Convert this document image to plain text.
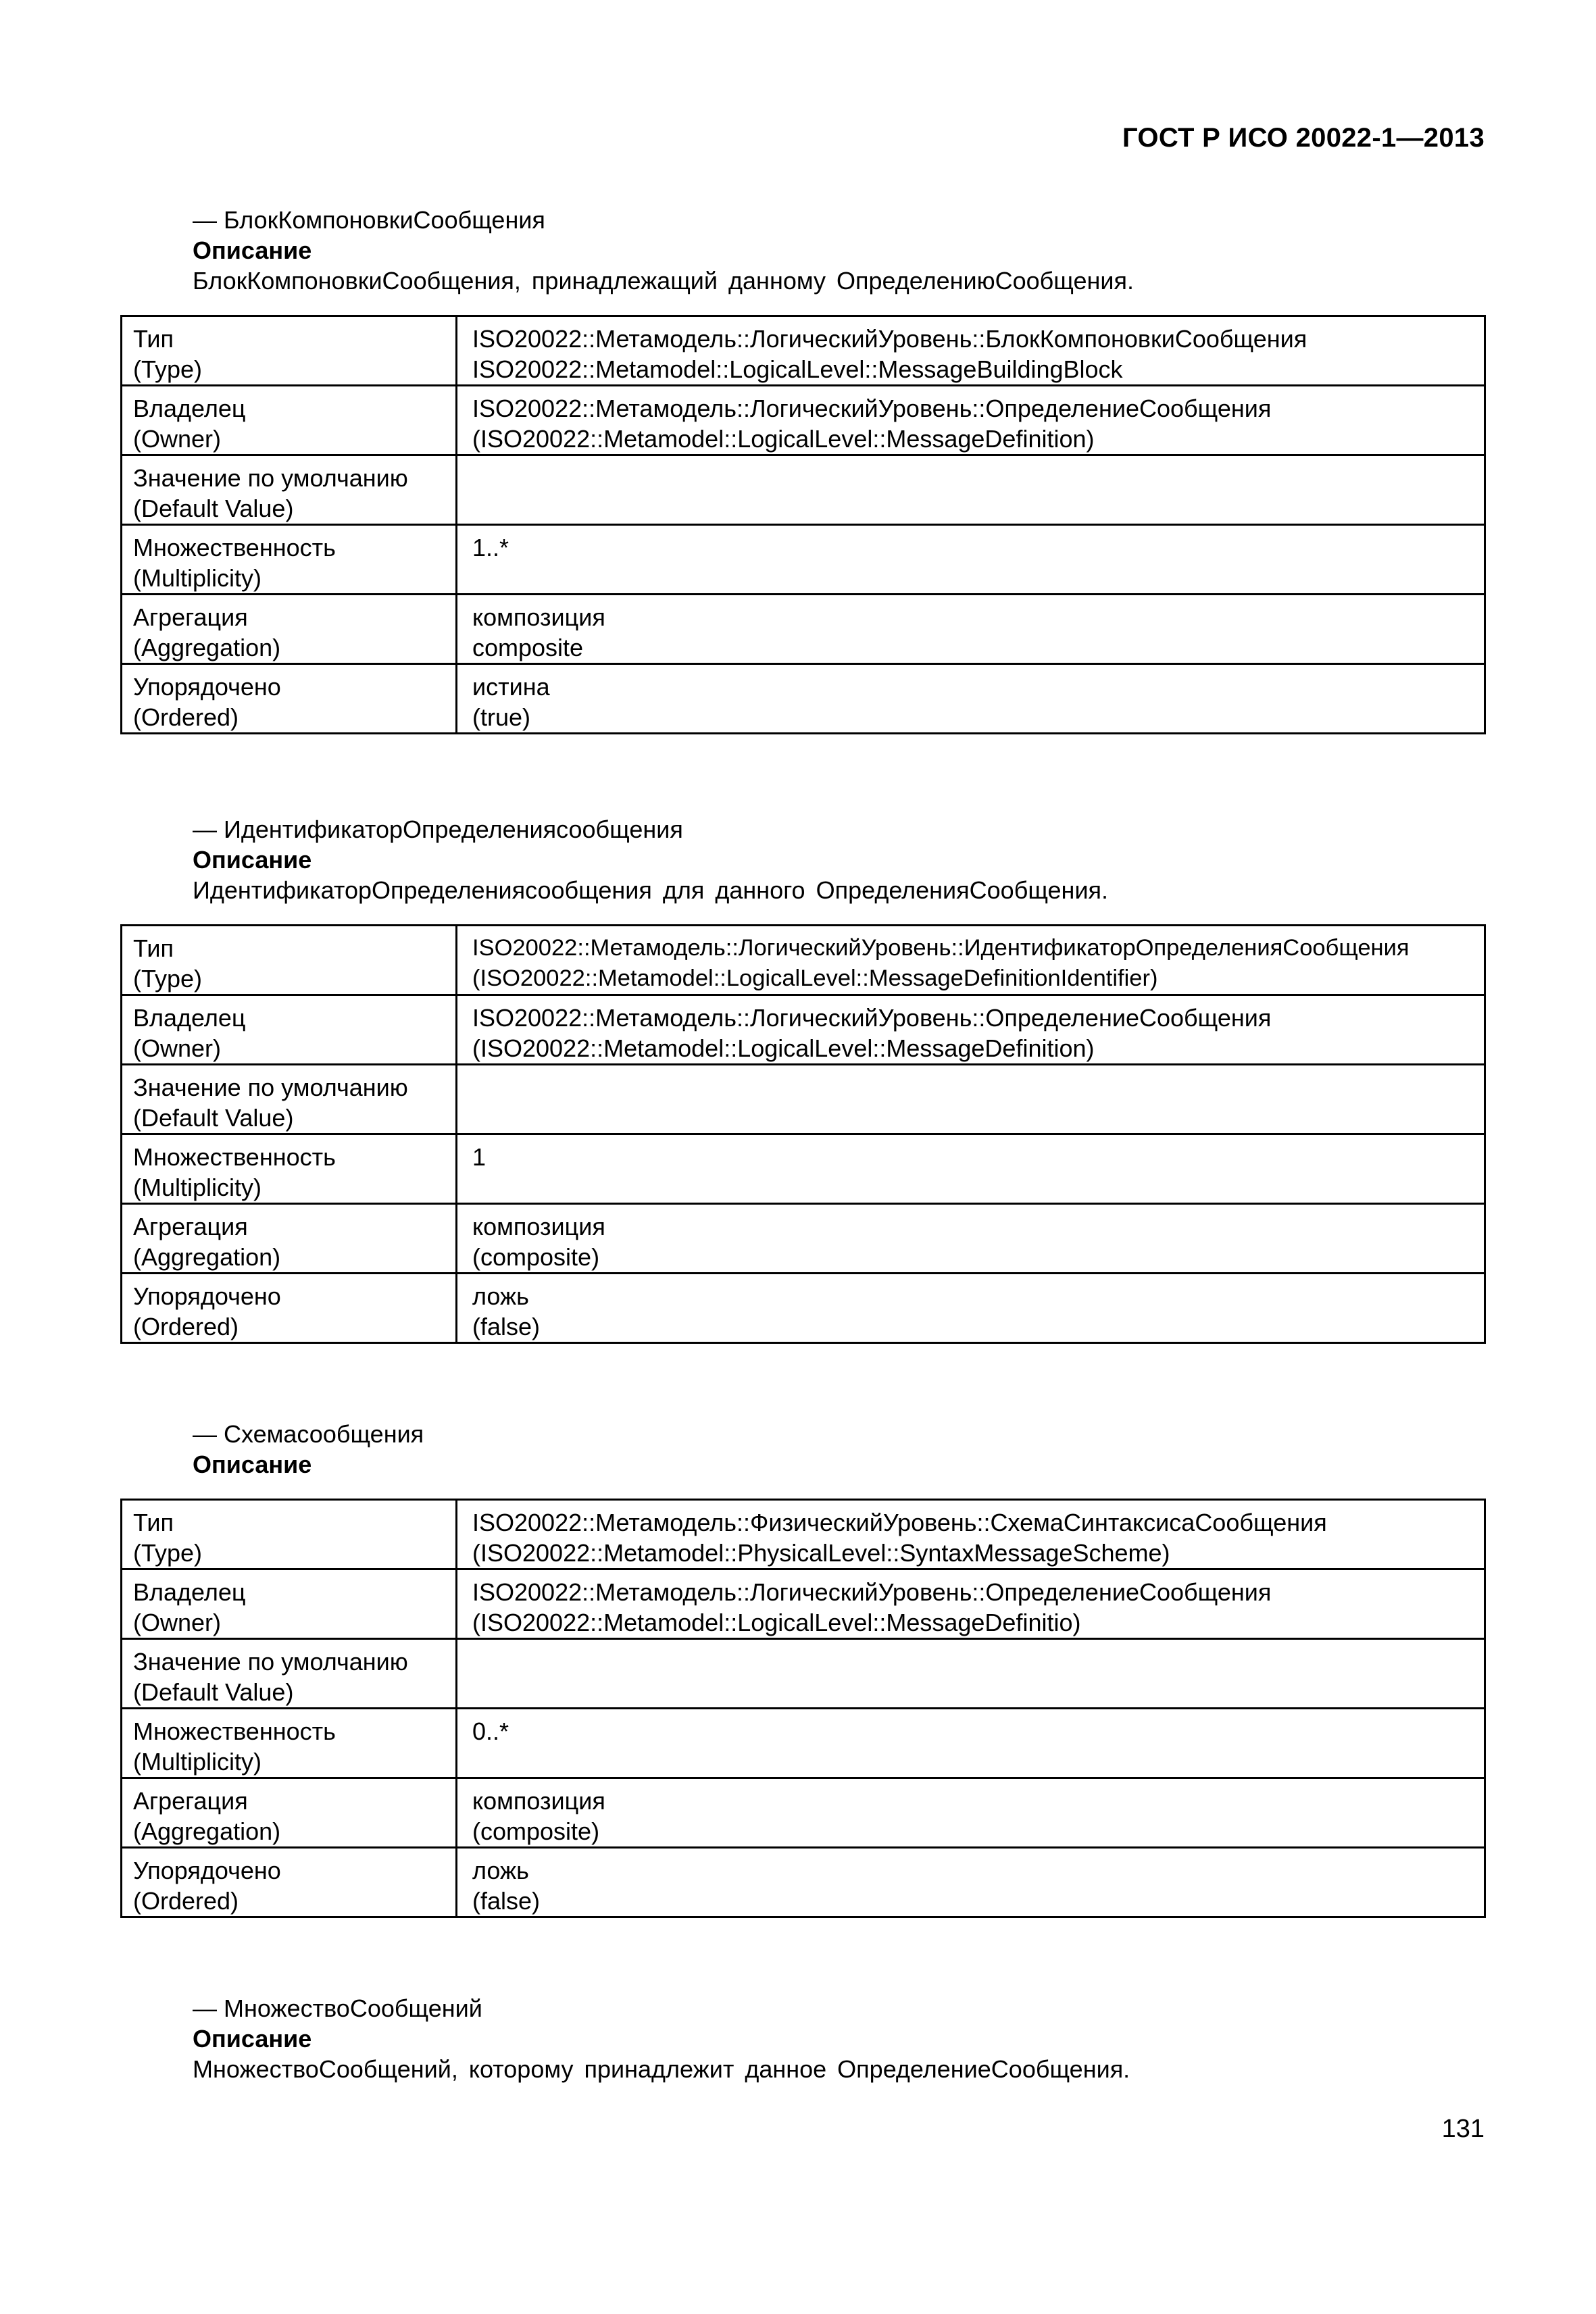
ГОСТ Р ИСО 20022-1—2013
— БлокКомпоновкиСообщения
Описание
БлокКомпоновкиСообщения, принадлежащий данному ОпределениюСообщения.
Тип
(Type)	ISO20022::Метамодель::ЛогическийУровень::БлокКомпоновкиСообщения
ISO20022::Metamodel::LogicalLevel::MessageBuildingBlock

Владелец
(Owner)	ISO20022::Метамодель::ЛогическийУровень::ОпределениеСообщения
(ISO20022::Metamodel::LogicalLevel::MessageDefinition)

Значение по умолчанию
(Default Value)	

Множественность
(Multiplicity)	1..*

Агрегация
(Aggregation)	композиция
composite

Упорядочено
(Ordered)	истина
(true)
— ИдентификаторОпределениясообщения
Описание
ИдентификаторОпределениясообщения для данного ОпределенияСообщения.
Тип
(Type)	ISO20022::Метамодель::ЛогическийУровень::ИдентификаторОпределенияСообщения
(ISO20022::Metamodel::LogicalLevel::MessageDefinitionIdentifier)

Владелец
(Owner)	ISO20022::Метамодель::ЛогическийУровень::ОпределениеСообщения
(ISO20022::Metamodel::LogicalLevel::MessageDefinition)

Значение по умолчанию
(Default Value)	

Множественность
(Multiplicity)	1

Агрегация
(Aggregation)	композиция
(composite)

Упорядочено
(Ordered)	ложь
(false)
— Схемасообщения
Описание
Тип
(Type)	ISO20022::Метамодель::ФизическийУровень::СхемаСинтаксисаСообщения
(ISO20022::Metamodel::PhysicalLevel::SyntaxMessageScheme)

Владелец
(Owner)	ISO20022::Метамодель::ЛогическийУровень::ОпределениеСообщения
(ISO20022::Metamodel::LogicalLevel::MessageDefinitio)

Значение по умолчанию
(Default Value)	

Множественность
(Multiplicity)	0..*

Агрегация
(Aggregation)	композиция
(composite)

Упорядочено
(Ordered)	ложь
(false)
— МножествоСообщений
Описание
МножествоСообщений, которому принадлежит данное ОпределениеСообщения.
131
